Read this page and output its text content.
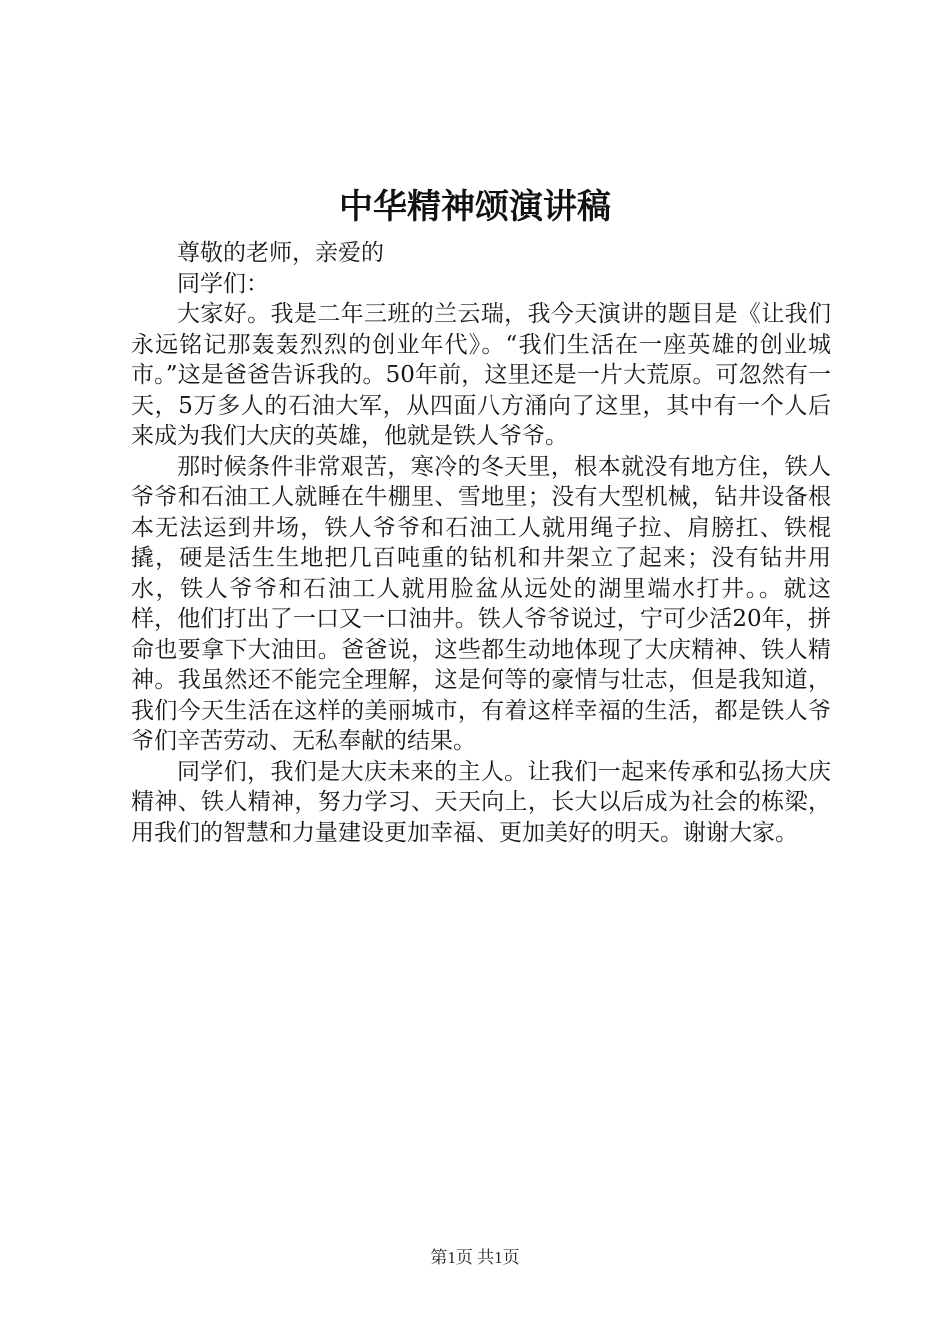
中华精神颂演讲稿

尊敬的老师，亲爱的

同学们：

大家好。我是二年三班的兰云瑞，我今天演讲的题目是《让我们永远铭记那轰轰烈烈的创业年代》。“我们生活在一座英雄的创业城市。”这是爸爸告诉我的。50年前，这里还是一片大荒原。可忽然有一天，5万多人的石油大军，从四面八方涌向了这里，其中有一个人后来成为我们大庆的英雄，他就是铁人爷爷。

那时候条件非常艰苦，寒冷的冬天里，根本就没有地方住，铁人爷爷和石油工人就睡在牛棚里、雪地里；没有大型机械，钻井设备根本无法运到井场，铁人爷爷和石油工人就用绳子拉、肩膀扛、铁棍撬，硬是活生生地把几百吨重的钻机和井架立了起来；没有钻井用水，铁人爷爷和石油工人就用脸盆从远处的湖里端水打井。。就这样，他们打出了一口又一口油井。铁人爷爷说过，宁可少活20年，拼命也要拿下大油田。爸爸说，这些都生动地体现了大庆精神、铁人精神。我虽然还不能完全理解，这是何等的豪情与壮志，但是我知道，我们今天生活在这样的美丽城市，有着这样幸福的生活，都是铁人爷爷们辛苦劳动、无私奉献的结果。

同学们，我们是大庆未来的主人。让我们一起来传承和弘扬大庆精神、铁人精神，努力学习、天天向上，长大以后成为社会的栋梁，用我们的智慧和力量建设更加幸福、更加美好的明天。谢谢大家。

第1页 共1页
